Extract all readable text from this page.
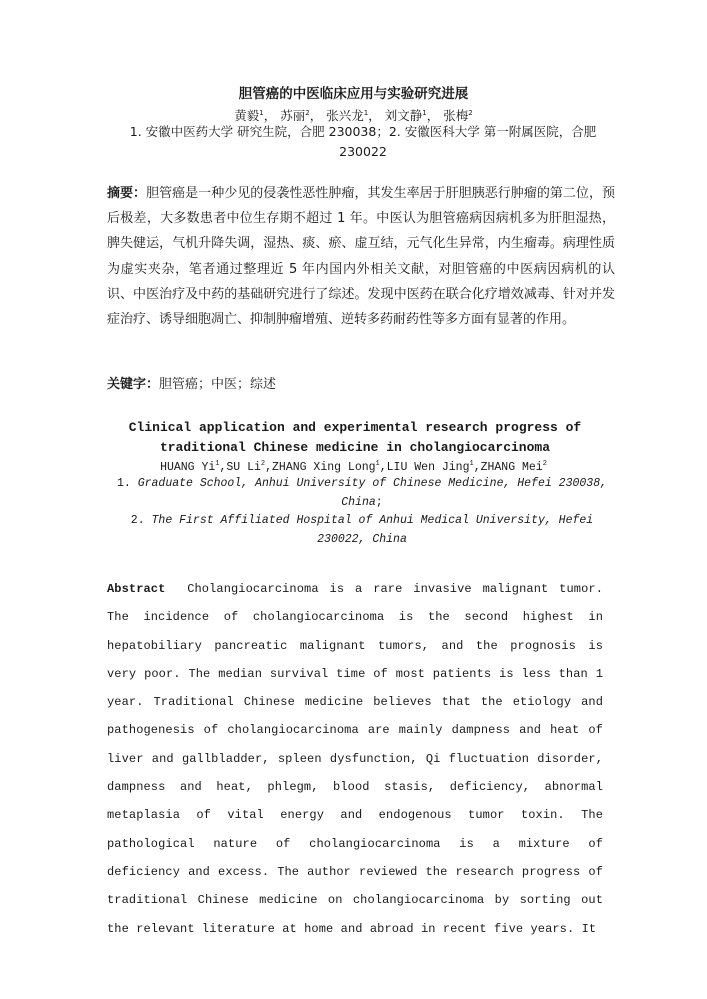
胆管癌的中医临床应用与实验研究进展
黄毅$^1$， 苏丽$^2$， 张兴龙$^1$， 刘文静$^1$， 张梅$^2$
1. 安徽中医药大学 研究生院，合肥 230038；2. 安徽医科大学 第一附属医院，合肥 230022
摘要：胆管癌是一种少见的侵袭性恶性肿瘤，其发生率居于肝胆胰恶行肿瘤的第二位，预后极差，大多数患者中位生存期不超过 1 年。中医认为胆管癌病因病机多为肝胆湿热，脾失健运，气机升降失调，湿热、痰、瘀、虚互结，元气化生异常，内生瘤毒。病理性质为虚实夹杂，笔者通过整理近 5 年内国内外相关文献，对胆管癌的中医病因病机的认识、中医治疗及中药的基础研究进行了综述。发现中医药在联合化疗增效减毒、针对并发症治疗、诱导细胞凋亡、抑制肿瘤增殖、逆转多药耐药性等多方面有显著的作用。
关键字：胆管癌；中医；综述
Clinical application and experimental research progress of traditional Chinese medicine in cholangiocarcinoma
HUANG Yi$^1$,SU Li$^2$,ZHANG Xing Long$^1$,LIU Wen Jing$^1$,ZHANG Mei$^2$
1. Graduate School, Anhui University of Chinese Medicine, Hefei 230038, China;
2. The First Affiliated Hospital of Anhui Medical University, Hefei 230022, China
Abstract Cholangiocarcinoma is a rare invasive malignant tumor. The incidence of cholangiocarcinoma is the second highest in hepatobiliary pancreatic malignant tumors, and the prognosis is very poor. The median survival time of most patients is less than 1 year. Traditional Chinese medicine believes that the etiology and pathogenesis of cholangiocarcinoma are mainly dampness and heat of liver and gallbladder, spleen dysfunction, Qi fluctuation disorder, dampness and heat, phlegm, blood stasis, deficiency, abnormal metaplasia of vital energy and endogenous tumor toxin. The pathological nature of cholangiocarcinoma is a mixture of deficiency and excess. The author reviewed the research progress of traditional Chinese medicine on cholangiocarcinoma by sorting out the relevant literature at home and abroad in recent five years. It
